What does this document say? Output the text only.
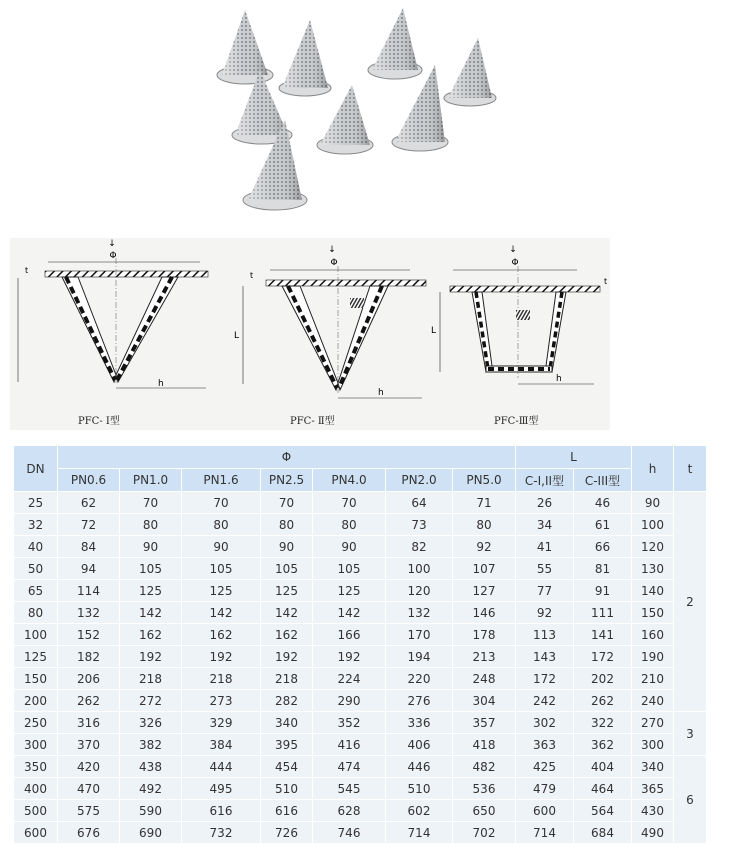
↓
Φ
t
h
PFC- Ⅰ型
↓
Φ
L
t
h
PFC- Ⅱ型
↓
Φ
L
t
h
PFC-Ⅲ型
DN	Φ							L		h	t
	PN0.6	PN1.0	PN1.6	PN2.5	PN4.0	PN2.0	PN5.0	C-I,II型	C-III型		
25	62	70	70	70	70	64	71	26	46	90	2
32	72	80	80	80	80	73	80	34	61	100	
40	84	90	90	90	90	82	92	41	66	120	
50	94	105	105	105	105	100	107	55	81	130	
65	114	125	125	125	125	120	127	77	91	140	
80	132	142	142	142	142	132	146	92	111	150	
100	152	162	162	162	166	170	178	113	141	160	
125	182	192	192	192	192	194	213	143	172	190	
150	206	218	218	218	224	220	248	172	202	210	
200	262	272	273	282	290	276	304	242	262	240	
250	316	326	329	340	352	336	357	302	322	270	3
300	370	382	384	395	416	406	418	363	362	300	
350	420	438	444	454	474	446	482	425	404	340	6
400	470	492	495	510	545	510	536	479	464	365	
500	575	590	616	616	628	602	650	600	564	430	
600	676	690	732	726	746	714	702	714	684	490	
